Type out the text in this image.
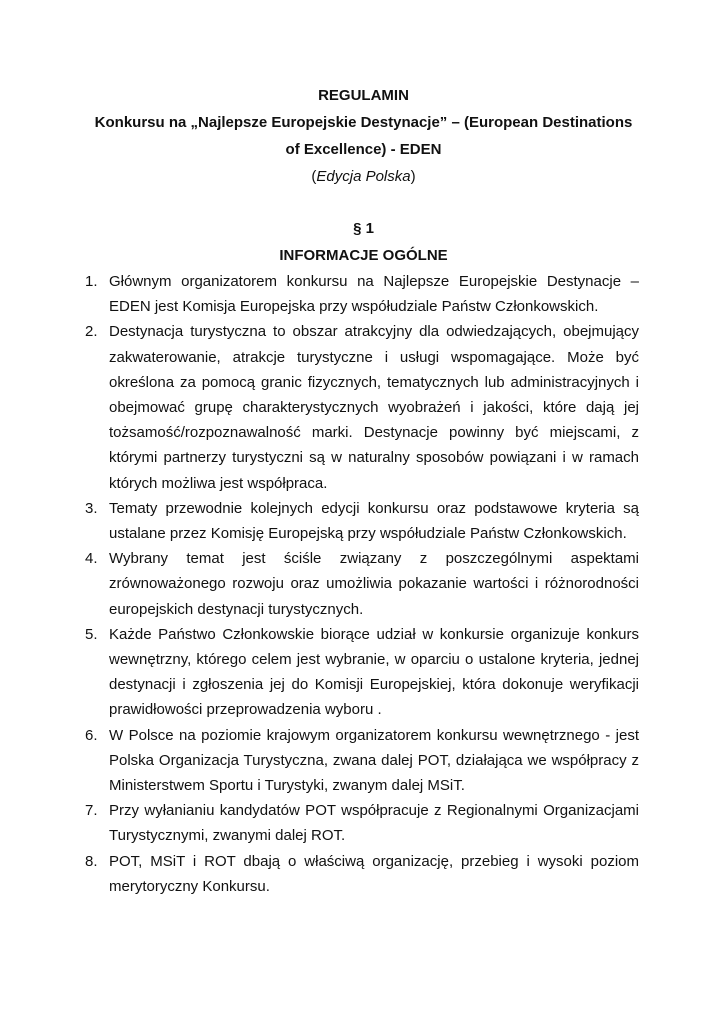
REGULAMIN
Konkursu na „Najlepsze Europejskie Destynacje” – (European Destinations of Excellence) - EDEN
(Edycja Polska)
§ 1
INFORMACJE OGÓLNE
1. Głównym organizatorem konkursu na Najlepsze Europejskie Destynacje – EDEN jest Komisja Europejska przy współudziale Państw Członkowskich.
2. Destynacja turystyczna to obszar atrakcyjny dla odwiedzających, obejmujący zakwaterowanie, atrakcje turystyczne i usługi wspomagające. Może być określona za pomocą granic fizycznych, tematycznych lub administracyjnych i obejmować grupę charakterystycznych wyobrażeń i jakości, które dają jej tożsamość/rozpoznawalność marki. Destynacje powinny być miejscami, z którymi partnerzy turystyczni są w naturalny sposobów powiązani i w ramach których możliwa jest współpraca.
3. Tematy przewodnie kolejnych edycji konkursu oraz podstawowe kryteria są ustalane przez Komisję Europejską przy współudziale Państw Członkowskich.
4. Wybrany temat jest ściśle związany z poszczególnymi aspektami zrównoważonego rozwoju oraz umożliwia pokazanie wartości i różnorodności europejskich destynacji turystycznych.
5. Każde Państwo Członkowskie biorące udział w konkursie organizuje konkurs wewnętrzny, którego celem jest wybranie, w oparciu o ustalone kryteria, jednej destynacji i zgłoszenia jej do Komisji Europejskiej, która dokonuje weryfikacji prawidłowości przeprowadzenia wyboru .
6. W Polsce na poziomie krajowym organizatorem konkursu wewnętrznego - jest Polska Organizacja Turystyczna, zwana dalej POT, działająca we współpracy z Ministerstwem Sportu i Turystyki, zwanym dalej MSiT.
7. Przy wyłanianiu kandydatów POT współpracuje z Regionalnymi Organizacjami Turystycznymi, zwanymi dalej ROT.
8. POT, MSiT i ROT dbają o właściwą organizację, przebieg i wysoki poziom merytoryczny Konkursu.
